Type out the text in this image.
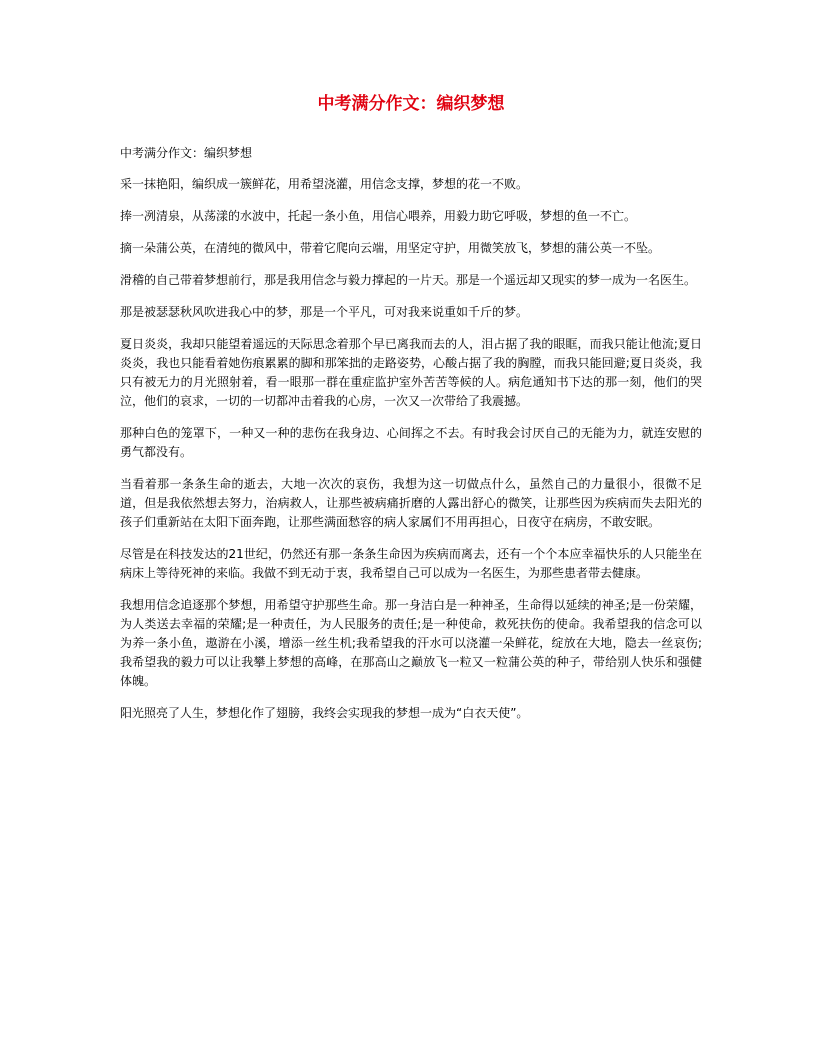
中考满分作文：编织梦想

中考满分作文：编织梦想

采一抹艳阳，编织成一簇鲜花，用希望浇灌，用信念支撑，梦想的花一不败。

捧一冽清泉，从荡漾的水波中，托起一条小鱼，用信心喂养，用毅力助它呼吸，梦想的鱼一不亡。

摘一朵蒲公英，在清纯的微风中，带着它爬向云端，用坚定守护，用微笑放飞，梦想的蒲公英一不坠。

滑稽的自己带着梦想前行，那是我用信念与毅力撑起的一片天。那是一个遥远却又现实的梦一成为一名医生。

那是被瑟瑟秋风吹进我心中的梦，那是一个平凡，可对我来说重如千斤的梦。

夏日炎炎，我却只能望着遥远的天际思念着那个早已离我而去的人，泪占据了我的眼眶，而我只能让他流;夏日炎炎，我也只能看着她伤痕累累的脚和那笨拙的走路姿势，心酸占据了我的胸膛，而我只能回避;夏日炎炎，我只有被无力的月光照射着，看一眼那一群在重症监护室外苦苦等候的人。病危通知书下达的那一刻，他们的哭泣，他们的哀求，一切的一切都冲击着我的心房，一次又一次带给了我震撼。

那种白色的笼罩下，一种又一种的悲伤在我身边、心间挥之不去。有时我会讨厌自己的无能为力，就连安慰的勇气都没有。

当看着那一条条生命的逝去，大地一次次的哀伤，我想为这一切做点什么，虽然自己的力量很小，很微不足道，但是我依然想去努力，治病救人，让那些被病痛折磨的人露出舒心的微笑，让那些因为疾病而失去阳光的孩子们重新站在太阳下面奔跑，让那些满面愁容的病人家属们不用再担心，日夜守在病房，不敢安眠。

尽管是在科技发达的21世纪，仍然还有那一条条生命因为疾病而离去，还有一个个本应幸福快乐的人只能坐在病床上等待死神的来临。我做不到无动于衷，我希望自己可以成为一名医生，为那些患者带去健康。

我想用信念追逐那个梦想，用希望守护那些生命。那一身洁白是一种神圣，生命得以延续的神圣;是一份荣耀，为人类送去幸福的荣耀;是一种责任，为人民服务的责任;是一种使命，救死扶伤的使命。我希望我的信念可以为养一条小鱼，遨游在小溪，增添一丝生机;我希望我的汗水可以浇灌一朵鲜花，绽放在大地，隐去一丝哀伤;我希望我的毅力可以让我攀上梦想的高峰，在那高山之巅放飞一粒又一粒蒲公英的种子，带给别人快乐和强健体魄。

阳光照亮了人生，梦想化作了翅膀，我终会实现我的梦想一成为“白衣天使”。
